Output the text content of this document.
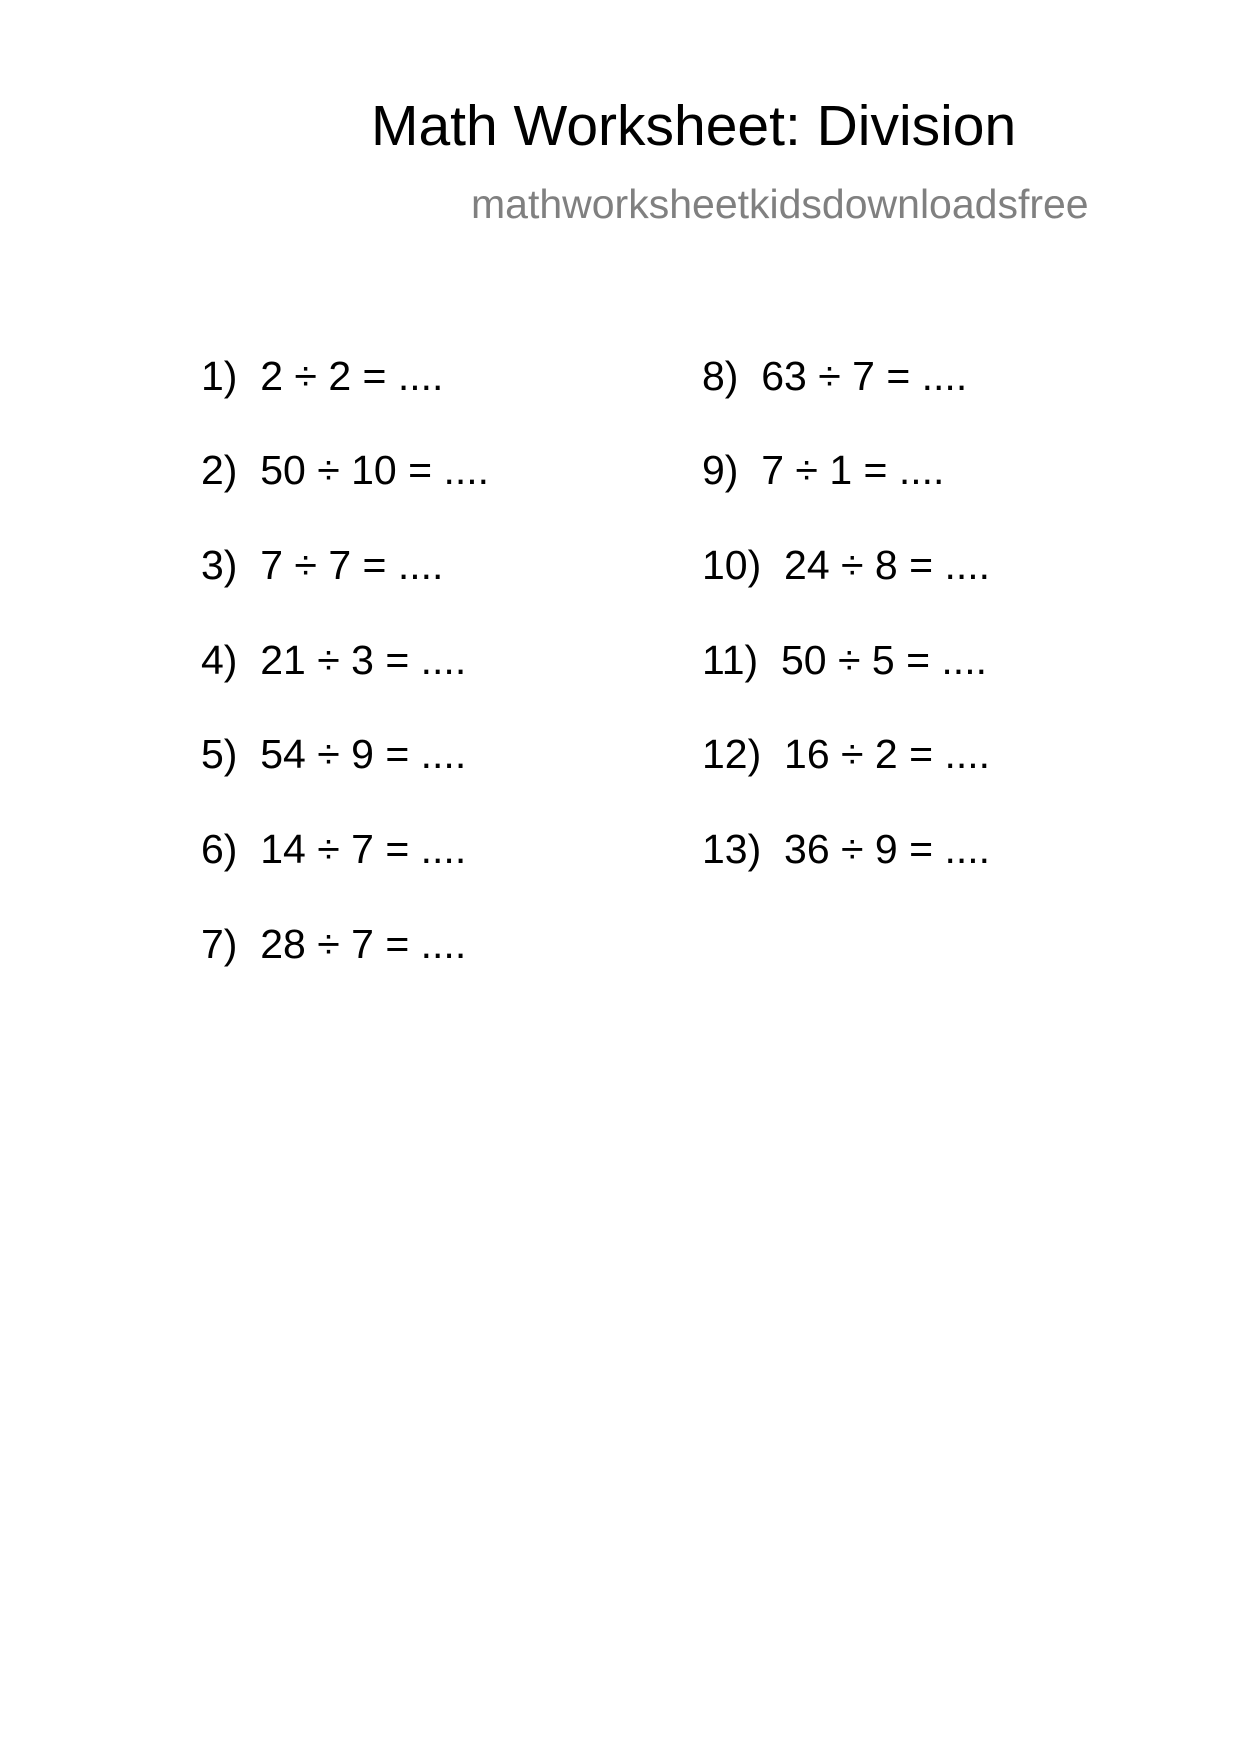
Math Worksheet: Division
mathworksheetkidsdownloadsfree
1)  2 ÷ 2 = ....
2)  50 ÷ 10 = ....
3)  7 ÷ 7 = ....
4)  21 ÷ 3 = ....
5)  54 ÷ 9 = ....
6)  14 ÷ 7 = ....
7)  28 ÷ 7 = ....
8)  63 ÷ 7 = ....
9)  7 ÷ 1 = ....
10)  24 ÷ 8 = ....
11)  50 ÷ 5 = ....
12)  16 ÷ 2 = ....
13)  36 ÷ 9 = ....
